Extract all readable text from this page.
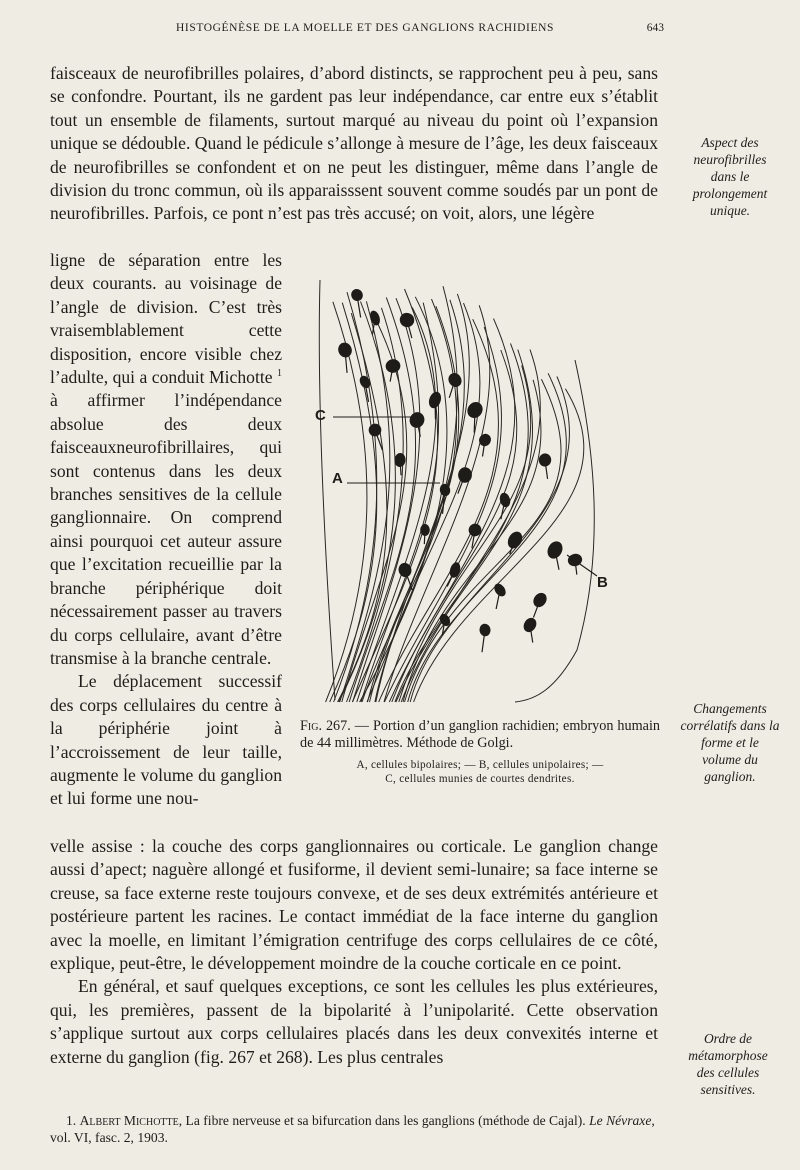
HISTOGÉNÈSE DE LA MOELLE ET DES GANGLIONS RACHIDIENS	643

faisceaux de neurofibrilles polaires, d’abord distincts, se rapprochent peu à peu, sans se confondre. Pourtant, ils ne gardent pas leur indépendance, car entre eux s’établit tout un ensemble de filaments, surtout marqué au niveau du point où l’expansion unique se dédouble. Quand le pédicule s’allonge à mesure de l’âge, les deux faisceaux de neurofibrilles se confondent et on ne peut les distinguer, même dans l’angle de division du tronc commun, où ils apparaisssent souvent comme soudés par un pont de neurofibrilles. Parfois, ce pont n’est pas très accusé; on voit, alors, une légère

ligne de séparation entre les deux courants. au voisinage de l’angle de division. C’est très vraisemblablement cette disposition, encore visible chez l’adulte, qui a conduit Michotte $^1$ à affirmer l’indépendance absolue des deux faisceauxneurofibrillaires, qui sont contenus dans les deux branches sensitives de la cellule ganglionnaire. On comprend ainsi pourquoi cet auteur assure que l’excitation recueillie par la branche périphérique doit nécessairement passer au travers du corps cellulaire, avant d’être transmise à la branche centrale.

Le déplacement successif des corps cellulaires du centre à la périphérie joint à l’accroissement de leur taille, augmente le volume du ganglion et lui forme une nou-

C
A
B
Fig. 267. — Portion d’un ganglion rachidien; embryon humain de 44 millimètres. Méthode de Golgi.
A, cellules bipolaires; — B, cellules unipolaires; —
C, cellules munies de courtes dendrites.

velle assise : la couche des corps ganglionnaires ou corticale. Le ganglion change aussi d’apect; naguère allongé et fusiforme, il devient semi-lunaire; sa face interne se creuse, sa face externe reste toujours convexe, et de ses deux extrémités antérieure et postérieure partent les racines. Le contact immédiat de la face interne du ganglion avec la moelle, en limitant l’émigration centrifuge des corps cellulaires de ce côté, explique, peut-être, le développement moindre de la couche corticale en ce point.

En général, et sauf quelques exceptions, ce sont les cellules les plus extérieures, qui, les premières, passent de la bipolarité à l’unipolarité. Cette observation s’applique surtout aux corps cellulaires placés dans les deux convexités interne et externe du ganglion (fig. 267 et 268). Les plus centrales

Aspect des neurofibrilles dans le prolongement unique.
Changements corrélatifs dans la forme et le volume du ganglion.
Ordre de métamorphose des cellules sensitives.
1. Albert Michotte, La fibre nerveuse et sa bifurcation dans les ganglions (méthode de Cajal). Le Névraxe, vol. VI, fasc. 2, 1903.
